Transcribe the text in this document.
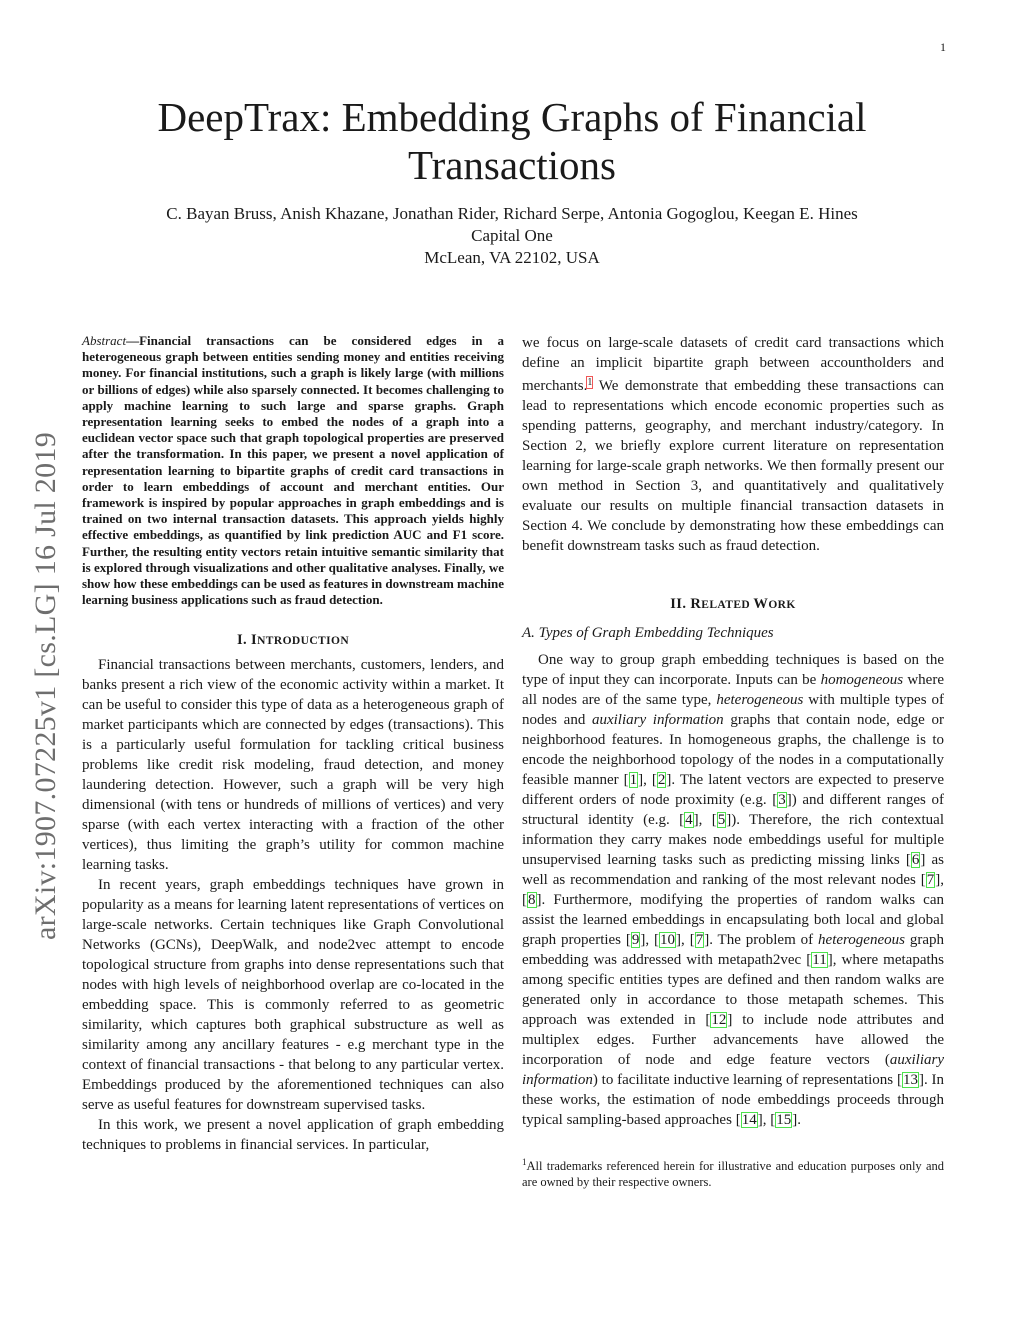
1
arXiv:1907.07225v1 [cs.LG] 16 Jul 2019
DeepTrax: Embedding Graphs of Financial
Transactions
C. Bayan Bruss, Anish Khazane, Jonathan Rider, Richard Serpe, Antonia Gogoglou, Keegan E. Hines
Capital One
McLean, VA 22102, USA

Abstract—Financial transactions can be considered edges in a heterogeneous graph between entities sending money and entities receiving money. For financial institutions, such a graph is likely large (with millions or billions of edges) while also sparsely connected. It becomes challenging to apply machine learning to such large and sparse graphs. Graph representation learning seeks to embed the nodes of a graph into a euclidean vector space such that graph topological properties are preserved after the transformation. In this paper, we present a novel application of representation learning to bipartite graphs of credit card transactions in order to learn embeddings of account and merchant entities. Our framework is inspired by popular approaches in graph embeddings and is trained on two internal transaction datasets. This approach yields highly effective embeddings, as quantified by link prediction AUC and F1 score. Further, the resulting entity vectors retain intuitive semantic similarity that is explored through visualizations and other qualitative analyses. Finally, we show how these embeddings can be used as features in downstream machine learning business applications such as fraud detection.

I. INTRODUCTION

Financial transactions between merchants, customers, lenders, and banks present a rich view of the economic activity within a market. It can be useful to consider this type of data as a heterogeneous graph of market participants which are connected by edges (transactions). This is a particularly useful formulation for tackling critical business problems like credit risk modeling, fraud detection, and money laundering detection. However, such a graph will be very high dimensional (with tens or hundreds of millions of vertices) and very sparse (with each vertex interacting with a fraction of the other vertices), thus limiting the graph’s utility for common machine learning tasks.

In recent years, graph embeddings techniques have grown in popularity as a means for learning latent representations of vertices on large-scale networks. Certain techniques like Graph Convolutional Networks (GCNs), DeepWalk, and node2vec attempt to encode topological structure from graphs into dense representations such that nodes with high levels of neighborhood overlap are co-located in the embedding space. This is commonly referred to as geometric similarity, which captures both graphical substructure as well as similarity among any ancillary features - e.g merchant type in the context of financial transactions - that belong to any particular vertex. Embeddings produced by the aforementioned techniques can also serve as useful features for downstream supervised tasks.

In this work, we present a novel application of graph embedding techniques to problems in financial services. In particular,

we focus on large-scale datasets of credit card transactions which define an implicit bipartite graph between accountholders and merchants.$^1$ We demonstrate that embedding these transactions can lead to representations which encode economic properties such as spending patterns, geography, and merchant industry/category. In Section 2, we briefly explore current literature on representation learning for large-scale graph networks. We then formally present our own method in Section 3, and quantitatively and qualitatively evaluate our results on multiple financial transaction datasets in Section 4. We conclude by demonstrating how these embeddings can benefit downstream tasks such as fraud detection.

II. RELATED WORK

A. Types of Graph Embedding Techniques

One way to group graph embedding techniques is based on the type of input they can incorporate. Inputs can be homogeneous where all nodes are of the same type, heterogeneous with multiple types of nodes and auxiliary information graphs that contain node, edge or neighborhood features. In homogeneous graphs, the challenge is to encode the neighborhood topology of the nodes in a computationally feasible manner [1], [2]. The latent vectors are expected to preserve different orders of node proximity (e.g. [3]) and different ranges of structural identity (e.g. [4], [5]). Therefore, the rich contextual information they carry makes node embeddings useful for multiple unsupervised learning tasks such as predicting missing links [6] as well as recommendation and ranking of the most relevant nodes [7], [8]. Furthermore, modifying the properties of random walks can assist the learned embeddings in encapsulating both local and global graph properties [9], [10], [7]. The problem of heterogeneous graph embedding was addressed with metapath2vec [11], where metapaths among specific entities types are defined and then random walks are generated only in accordance to those metapath schemes. This approach was extended in [12] to include node attributes and multiplex edges. Further advancements have allowed the incorporation of node and edge feature vectors (auxiliary information) to facilitate inductive learning of representations [13]. In these works, the estimation of node embeddings proceeds through typical sampling-based approaches [14], [15].

$^1$All trademarks referenced herein for illustrative and education purposes only and are owned by their respective owners.
